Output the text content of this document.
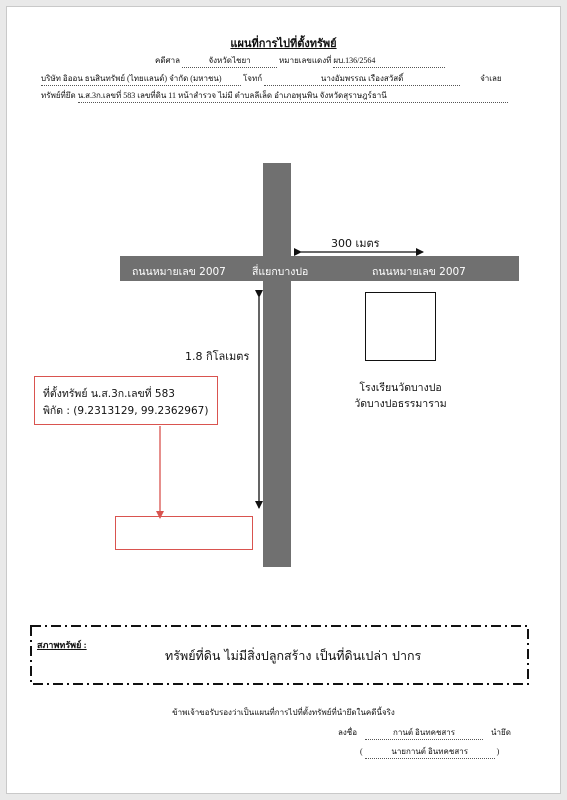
แผนที่การไปที่ตั้งทรัพย์
คดีศาล	จังหวัดไชยา	หมายเลขแดงที่ ผบ.136/2564
บริษัท อิออน ธนสินทรัพย์ (ไทยแลนด์) จำกัด (มหาชน)	โจทก์	นางอัมพรรณ เรืองสวัสดิ์	จำเลย
ทรัพย์ที่ยึด น.ส.3ก.เลขที่ 583 เลขที่ดิน 11 หน้าสำรวจ ไม่มี ตำบลลีเล็ด อำเภอพุนพิน จังหวัดสุราษฎร์ธานี
ถนนหมายเลข 2007 สี่แยกบางปอ	ถนนหมายเลข 2007
300 เมตร
1.8 กิโลเมตร
โรงเรียนวัดบางปอ
วัดบางปอธรรมาราม
ที่ตั้งทรัพย์ น.ส.3ก.เลขที่ 583
พิกัด : (9.2313129, 99.2362967)
สภาพทรัพย์ :
ทรัพย์ที่ดิน ไม่มีสิ่งปลูกสร้าง เป็นที่ดินเปล่า ปากร
ข้าพเจ้าขอรับรองว่าเป็นแผนที่การไปที่ตั้งทรัพย์ที่นำยึดในคดีนี้จริง
ลงชื่อ	กานต์ อินทคชสาร	นำยึด
(	นายกานต์ อินทคชสาร	)
